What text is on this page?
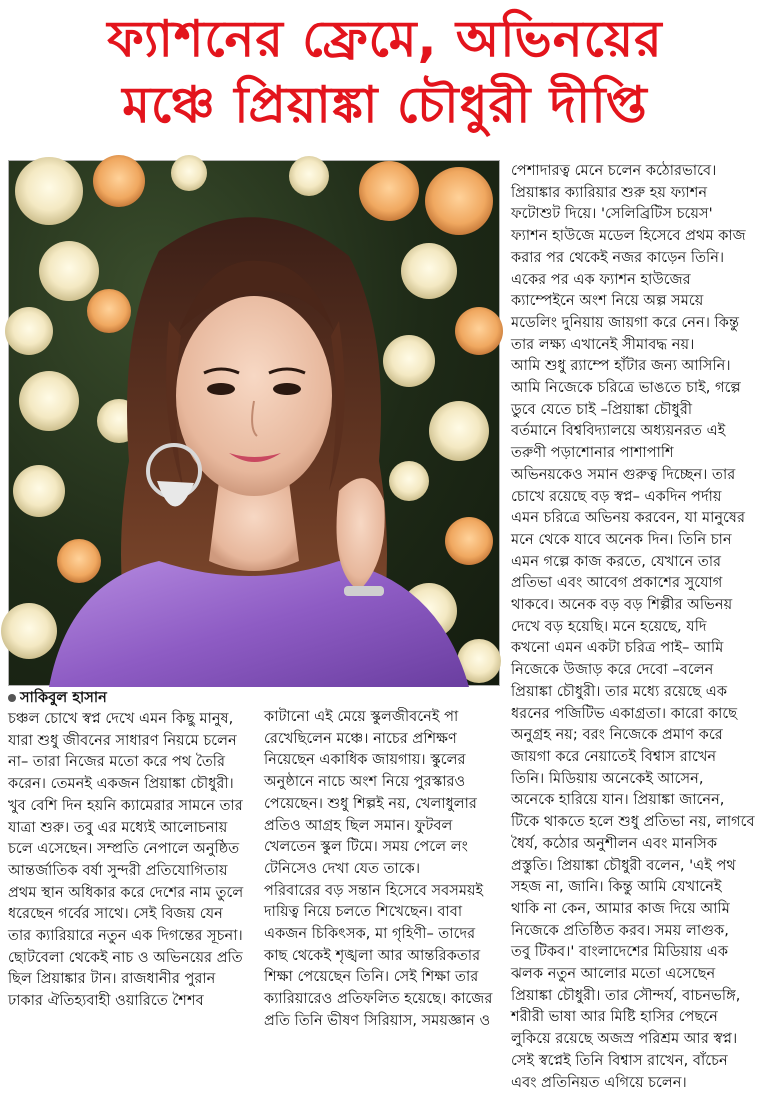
ফ্যাশনের ফ্রেমে, অভিনয়ের
মঞ্চে প্রিয়াঙ্কা চৌধুরী দীপ্তি

পেশাদারত্ব মেনে চলেন কঠোরভাবে।

প্রিয়াঙ্কার ক্যারিয়ার শুরু হয় ফ্যাশন

ফটোশুট দিয়ে। 'সেলিব্রিটিস চয়েস'

ফ্যাশন হাউজে মডেল হিসেবে প্রথম কাজ

করার পর থেকেই নজর কাড়েন তিনি।

একের পর এক ফ্যাশন হাউজের

ক্যাম্পেইনে অংশ নিয়ে অল্প সময়ে

মডেলিং দুনিয়ায় জায়গা করে নেন। কিন্তু

তার লক্ষ্য এখানেই সীমাবদ্ধ নয়।

আমি শুধু র‍্যাম্পে হাঁটার জন্য আসিনি।

আমি নিজেকে চরিত্রে ভাঙতে চাই, গল্পে

ডুবে যেতে চাই –প্রিয়াঙ্কা চৌধুরী

বর্তমানে বিশ্ববিদ্যালয়ে অধ্যয়নরত এই

তরুণী পড়াশোনার পাশাপাশি

অভিনয়কেও সমান গুরুত্ব দিচ্ছেন। তার

চোখে রয়েছে বড় স্বপ্ন– একদিন পর্দায়

এমন চরিত্রে অভিনয় করবেন, যা মানুষের

মনে থেকে যাবে অনেক দিন। তিনি চান

এমন গল্পে কাজ করতে, যেখানে তার

প্রতিভা এবং আবেগ প্রকাশের সুযোগ

থাকবে। অনেক বড় বড় শিল্পীর অভিনয়

দেখে বড় হয়েছি। মনে হয়েছে, যদি

কখনো এমন একটা চরিত্র পাই– আমি

নিজেকে উজাড় করে দেবো –বলেন

প্রিয়াঙ্কা চৌধুরী। তার মধ্যে রয়েছে এক

ধরনের পজিটিভ একাগ্রতা। কারো কাছে

অনুগ্রহ নয়; বরং নিজেকে প্রমাণ করে

জায়গা করে নেয়াতেই বিশ্বাস রাখেন

তিনি। মিডিয়ায় অনেকেই আসেন,

অনেকে হারিয়ে যান। প্রিয়াঙ্কা জানেন,

টিকে থাকতে হলে শুধু প্রতিভা নয়, লাগবে

ধৈর্য, কঠোর অনুশীলন এবং মানসিক

প্রস্তুতি। প্রিয়াঙ্কা চৌধুরী বলেন, 'এই পথ

সহজ না, জানি। কিন্তু আমি যেখানেই

থাকি না কেন, আমার কাজ দিয়ে আমি

নিজেকে প্রতিষ্ঠিত করব। সময় লাগুক,

তবু টিকব।' বাংলাদেশের মিডিয়ায় এক

ঝলক নতুন আলোর মতো এসেছেন

প্রিয়াঙ্কা চৌধুরী। তার সৌন্দর্য, বাচনভঙ্গি,

শরীরী ভাষা আর মিষ্টি হাসির পেছনে

লুকিয়ে রয়েছে অজস্র পরিশ্রম আর স্বপ্ন।

সেই স্বপ্নেই তিনি বিশ্বাস রাখেন, বাঁচেন

এবং প্রতিনিয়ত এগিয়ে চলেন।

সাকিবুল হাসান

চঞ্চল চোখে স্বপ্ন দেখে এমন কিছু মানুষ,

যারা শুধু জীবনের সাধারণ নিয়মে চলেন

না– তারা নিজের মতো করে পথ তৈরি

করেন। তেমনই একজন প্রিয়াঙ্কা চৌধুরী।

খুব বেশি দিন হয়নি ক্যামেরার সামনে তার

যাত্রা শুরু। তবু এর মধ্যেই আলোচনায়

চলে এসেছেন। সম্প্রতি নেপালে অনুষ্ঠিত

আন্তর্জাতিক বর্ষা সুন্দরী প্রতিযোগিতায়

প্রথম স্থান অধিকার করে দেশের নাম তুলে

ধরেছেন গর্বের সাথে। সেই বিজয় যেন

তার ক্যারিয়ারে নতুন এক দিগন্তের সূচনা।

ছোটবেলা থেকেই নাচ ও অভিনয়ের প্রতি

ছিল প্রিয়াঙ্কার টান। রাজধানীর পুরান

ঢাকার ঐতিহ্যবাহী ওয়ারিতে শৈশব

কাটানো এই মেয়ে স্কুলজীবনেই পা

রেখেছিলেন মঞ্চে। নাচের প্রশিক্ষণ

নিয়েছেন একাধিক জায়গায়। স্কুলের

অনুষ্ঠানে নাচে অংশ নিয়ে পুরস্কারও

পেয়েছেন। শুধু শিল্পই নয়, খেলাধুলার

প্রতিও আগ্রহ ছিল সমান। ফুটবল

খেলতেন স্কুল টিমে। সময় পেলে লং

টেনিসেও দেখা যেত তাকে।

পরিবারের বড় সন্তান হিসেবে সবসময়ই

দায়িত্ব নিয়ে চলতে শিখেছেন। বাবা

একজন চিকিৎসক, মা গৃহিণী– তাদের

কাছ থেকেই শৃঙ্খলা আর আন্তরিকতার

শিক্ষা পেয়েছেন তিনি। সেই শিক্ষা তার

ক্যারিয়ারেও প্রতিফলিত হয়েছে। কাজের

প্রতি তিনি ভীষণ সিরিয়াস, সময়জ্ঞান ও
